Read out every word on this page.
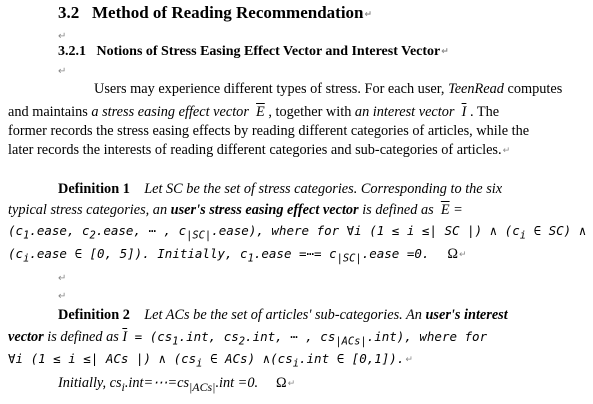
3.2 Method of Reading Recommendation↵
↵
3.2.1 Notions of Stress Easing Effect Vector and Interest Vector↵
↵
Users may experience different types of stress. For each user, TeenRead computes
and maintains a stress easing effect vector $\overline{E}$ , together with an interest vector $\overline{I}$ . The
former records the stress easing effects by reading different categories of articles, while the
later records the interests of reading different categories and sub-categories of articles.↵
Definition 1 Let SC be the set of stress categories. Corresponding to the six
typical stress categories, an user's stress easing effect vector is defined as  $\overline{E}$ =
($c_1.ease$, $c_2.ease$, ⋯ , $c_{|SC|}.ease$), where for ∀i (1 ≤ i ≤| SC |) ∧ ($c_i$ ∈ SC) ∧
($c_i.ease$ ∈ [0, 5]). Initially, $c_1.ease$ =⋯= $c_{|SC|}.ease =0$. Ω↵
↵
↵
Definition 2 Let ACs be the set of articles' sub-categories. An user's interest
vector is defined as $\overline{I} = (cs_1.int$, $cs_2.int$, ⋯ , $cs_{|ACs|}.int$), where for
∀i (1 ≤ i ≤| ACs |) ∧ ($cs_i$ ∈ ACs) $\wedge(cs_i.int$ ∈ [0,1]).↵
Initially, $cs_i.int=\cdots=cs_{|ACs|}.int =0$. Ω↵
